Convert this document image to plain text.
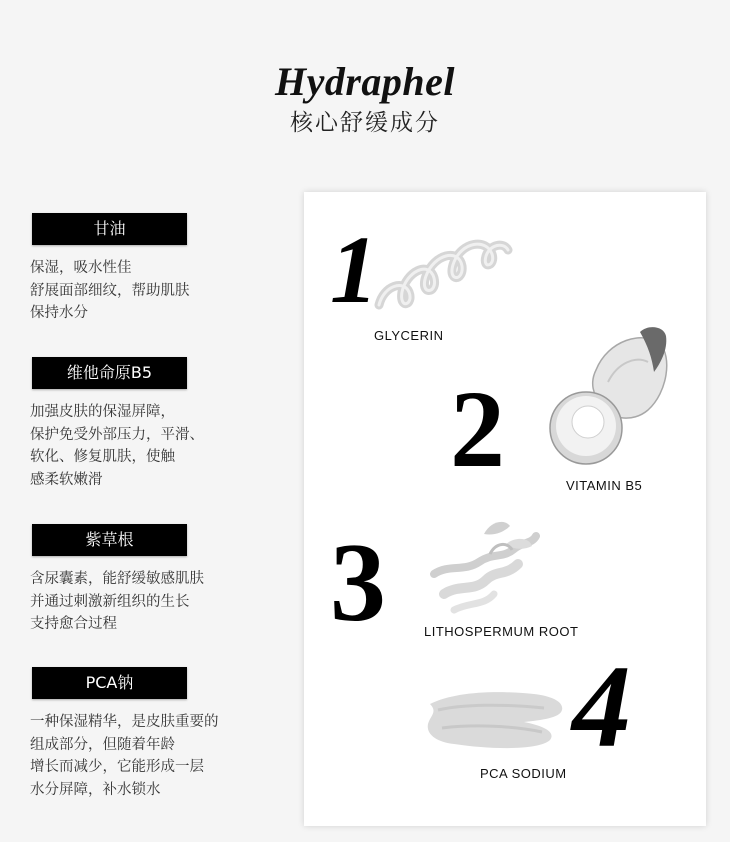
Hydraphel
核心舒缓成分
甘油
保湿，吸水性佳
舒展面部细纹，帮助肌肤
保持水分
维他命原B5
加强皮肤的保湿屏障，
保护免受外部压力，平滑、
软化、修复肌肤，使触
感柔软嫩滑
紫草根
含尿囊素，能舒缓敏感肌肤
并通过刺激新组织的生长
支持愈合过程
PCA钠
一种保湿精华，是皮肤重要的
组成部分，但随着年龄
增长而减少，它能形成一层
水分屏障，补水锁水
1
GLYCERIN
2	VITAMIN B5
3	LITHOSPERMUM ROOT
4
PCA SODIUM
